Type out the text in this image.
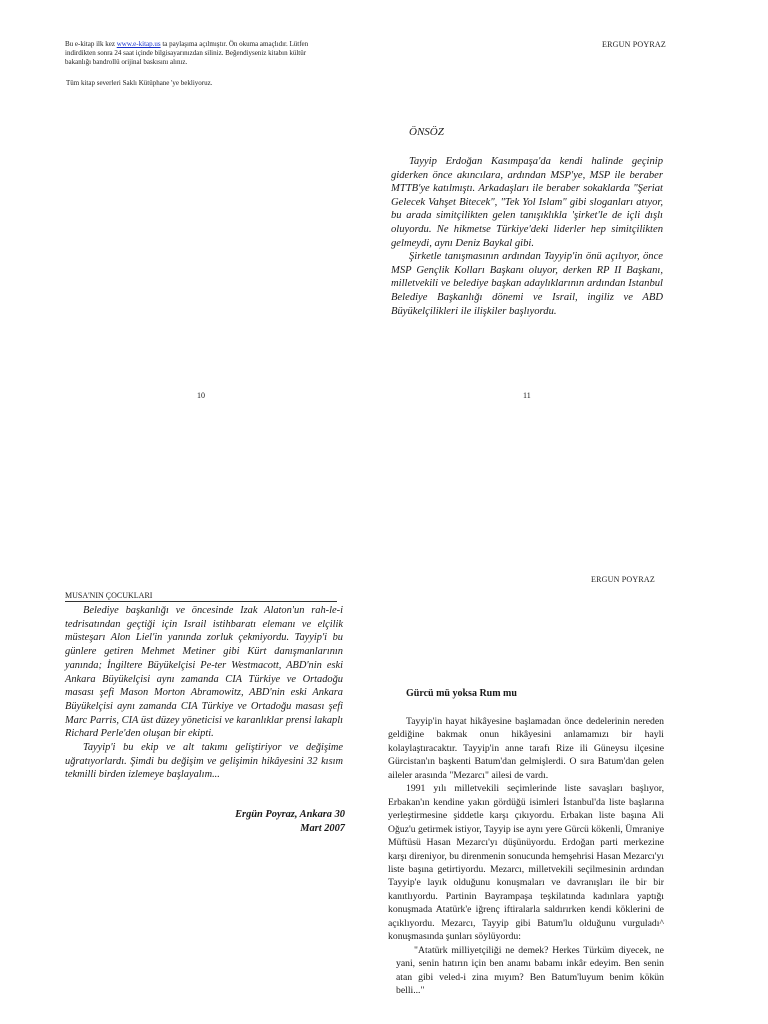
Bu e-kitap ilk kez www.e-kitap.us ta paylaşıma açılmıştır. Ön okuma amaçlıdır. Lütfen indirdikten sonra 24 saat içinde bilgisayarınızdan siliniz. Beğendiyseniz kitabın kültür bakanlığı bandrollü orijinal baskısını alınız.

Tüm kitap severleri Saklı Kütüphane 'ye bekliyoruz.
ERGUN POYRAZ
ÖNSÖZ

Tayyip Erdoğan Kasımpaşa'da kendi halinde geçinip giderken önce akıncılara, ardından MSP'ye, MSP ile beraber MTTB'ye katılmıştı. Arkadaşları ile beraber sokaklarda "Şeriat Gelecek Vahşet Bitecek", "Tek Yol Islam" gibi sloganları atıyor, bu arada simitçilikten gelen tanışıklıkla 'şirket'le de içli dışlı oluyordu. Ne hikmetse Türkiye'deki liderler hep simitçilikten gelmeydi, aynı Deniz Baykal gibi.

Şirketle tanışmasının ardından Tayyip'in önü açılıyor, önce MSP Gençlik Kolları Başkanı oluyor, derken RP II Başkanı, milletvekili ve belediye başkan adaylıklarının ardından Istanbul Belediye Başkanlığı dönemi ve Israil, ingiliz ve ABD Büyükelçilikleri ile ilişkiler başlıyordu.

10	11
MUSA'NIN ÇOCUKLARI

Belediye başkanlığı ve öncesinde Izak Alaton'un rah-le-i tedrisatından geçtiği için Israil istihbaratı elemanı ve elçilik müsteşarı Alon Liel'in yanında zorluk çekmiyordu. Tayyip'i bu günlere getiren Mehmet Metiner gibi Kürt danışmanlarının yanında; İngiltere Büyükelçisi Pe-ter Westmacott, ABD'nin eski Ankara Büyükelçisi aynı zamanda CIA Türkiye ve Ortadoğu masası şefi Mason Morton Abramowitz, ABD'nin eski Ankara Büyükelçisi aynı zamanda CIA Türkiye ve Ortadoğu masası şefi Marc Parris, CIA üst düzey yöneticisi ve karanlıklar prensi lakaplı Richard Perle'den oluşan bir ekipti.

Tayyip'i bu ekip ve alt takımı geliştiriyor ve değişime uğratıyorlardı. Şimdi bu değişim ve gelişimin hikâyesini 32 kısım tekmilli birden izlemeye başlayalım...

Ergün Poyraz, Ankara 30
Mart 2007
ERGUN POYRAZ
Gürcü mü yoksa Rum mu

Tayyip'in hayat hikâyesine başlamadan önce dedelerinin nereden geldiğine bakmak onun hikâyesini anlamamızı bir hayli kolaylaştıracaktır. Tayyip'in anne tarafı Rize ili Güneysu ilçesine Gürcistan'ın başkenti Batum'dan gelmişlerdi. O sıra Batum'dan gelen aileler arasında "Mezarcı" ailesi de vardı.

1991 yılı milletvekili seçimlerinde liste savaşları başlıyor, Erbakan'ın kendine yakın gördüğü isimleri İstanbul'da liste başlarına yerleştirmesine şiddetle karşı çıkıyordu. Erbakan liste başına Ali Oğuz'u getirmek istiyor, Tayyip ise aynı yere Gürcü kökenli, Ümraniye Müftüsü Hasan Mezarcı'yı düşünüyordu. Erdoğan parti merkezine karşı direniyor, bu direnmenin sonucunda hemşehrisi Hasan Mezarcı'yı liste başına getirtiyordu. Mezarcı, milletvekili seçilmesinin ardından Tayyip'e layık olduğunu konuşmaları ve davranışları ile bir bir kanıtlıyordu. Partinin Bayrampaşa teşkilatında kadınlara yaptığı konuşmada Atatürk'e iğrenç iftiralarla saldırırken kendi köklerini de açıklıyordu. Mezarcı, Tayyip gibi Batum'lu olduğunu vurguladı^ konuşmasında şunları söylüyordu:

"Atatürk milliyetçiliği ne demek? Herkes Türküm diyecek, ne yani, senin hatırın için ben anamı babamı inkâr edeyim. Ben senin atan gibi veled-i zina mıyım? Ben Batum'luyum benim kökün belli..."
